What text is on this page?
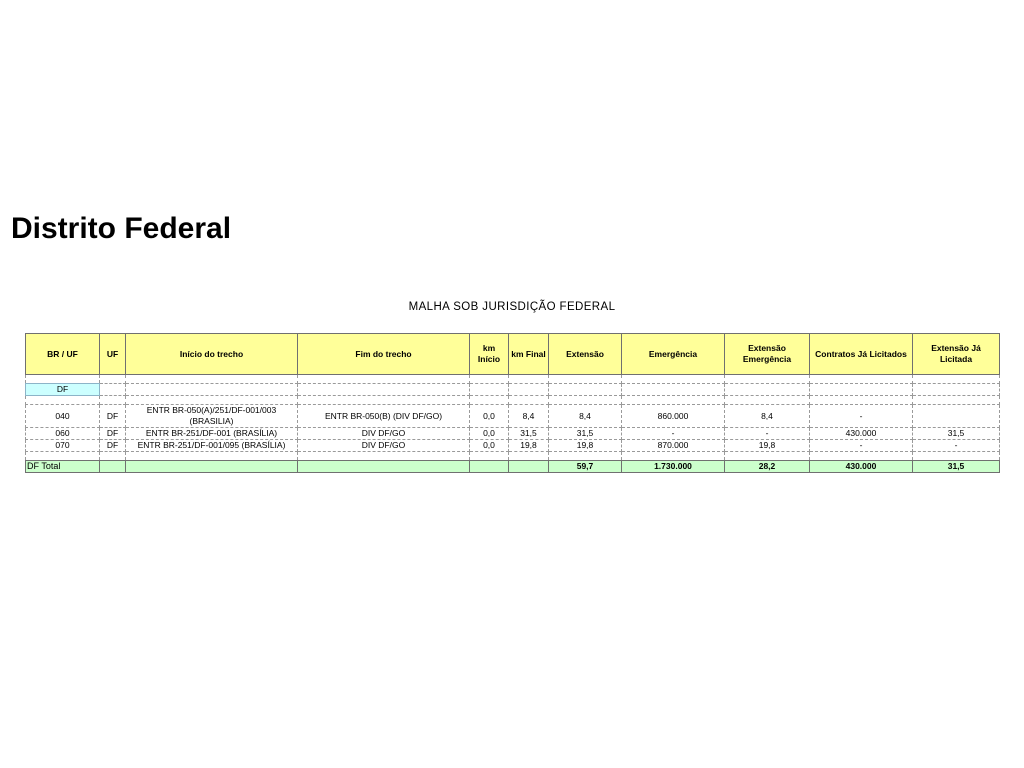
Distrito Federal
MALHA SOB JURISDIÇÃO FEDERAL
BR / UF	UF	Início do trecho	Fim do trecho	km Início	km Final	Extensão	Emergência	Extensão Emergência	Contratos Já Licitados	Extensão Já Licitada

DF										

040	DF	ENTR BR-050(A)/251/DF-001/003 (BRASILIA)	ENTR BR-050(B) (DIV DF/GO)	0,0	8,4	8,4	860.000	8,4	-	
060	DF	ENTR BR-251/DF-001 (BRASÍLIA)	DIV DF/GO	0,0	31,5	31,5	-	-	430.000	31,5
070	DF	ENTR BR-251/DF-001/095 (BRASÍLIA)	DIV DF/GO	0,0	19,8	19,8	870.000	19,8	-	-

DF Total						59,7	1.730.000	28,2	430.000	31,5
